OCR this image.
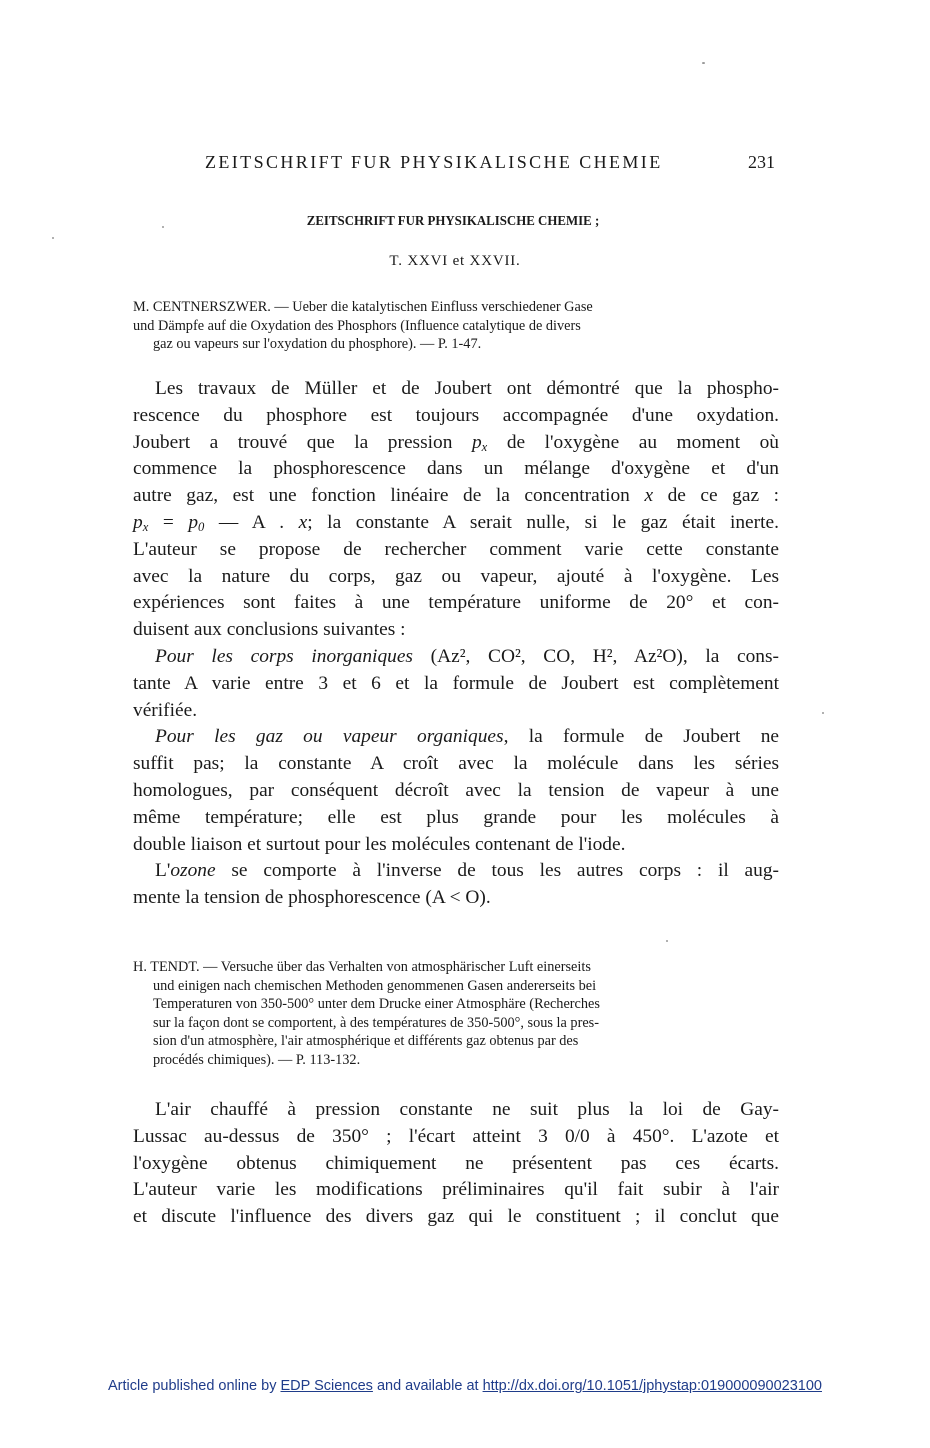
ZEITSCHRIFT FUR PHYSIKALISCHE CHEMIE	231
ZEITSCHRIFT FUR PHYSIKALISCHE CHEMIE ;
T. XXVI et XXVII.
M. CENTNERSZWER. — Ueber die katalytischen Einfluss verschiedener Gase
und Dämpfe auf die Oxydation des Phosphors (Influence catalytique de divers
gaz ou vapeurs sur l'oxydation du phosphore). — P. 1-47.

Les travaux de Müller et de Joubert ont démontré que la phospho-
rescence du phosphore est toujours accompagnée d'une oxydation.
Joubert a trouvé que la pression $p_x$ de l'oxygène au moment où
commence la phosphorescence dans un mélange d'oxygène et d'un
autre gaz, est une fonction linéaire de la concentration x de ce gaz :
$p_x = p_0$ — A . x; la constante A serait nulle, si le gaz était inerte.
L'auteur se propose de rechercher comment varie cette constante
avec la nature du corps, gaz ou vapeur, ajouté à l'oxygène. Les
expériences sont faites à une température uniforme de 20° et con-
duisent aux conclusions suivantes :

Pour les corps inorganiques (Az², CO², CO, H², Az²O), la cons-
tante A varie entre 3 et 6 et la formule de Joubert est complètement
vérifiée.

Pour les gaz ou vapeur organiques, la formule de Joubert ne
suffit pas; la constante A croît avec la molécule dans les séries
homologues, par conséquent décroît avec la tension de vapeur à une
même température; elle est plus grande pour les molécules à
double liaison et surtout pour les molécules contenant de l'iode.

L'ozone se comporte à l'inverse de tous les autres corps : il aug-
mente la tension de phosphorescence (A < O).

H. TENDT. — Versuche über das Verhalten von atmosphärischer Luft einerseits
und einigen nach chemischen Methoden genommenen Gasen andererseits bei
Temperaturen von 350-500° unter dem Drucke einer Atmosphäre (Recherches
sur la façon dont se comportent, à des températures de 350-500°, sous la pres-
sion d'un atmosphère, l'air atmosphérique et différents gaz obtenus par des
procédés chimiques). — P. 113-132.

L'air chauffé à pression constante ne suit plus la loi de Gay-
Lussac au-dessus de 350° ; l'écart atteint 3 0/0 à 450°. L'azote et
l'oxygène obtenus chimiquement ne présentent pas ces écarts.
L'auteur varie les modifications préliminaires qu'il fait subir à l'air
et discute l'influence des divers gaz qui le constituent ; il conclut que

Article published online by EDP Sciences and available at http://dx.doi.org/10.1051/jphystap:019000090023100
